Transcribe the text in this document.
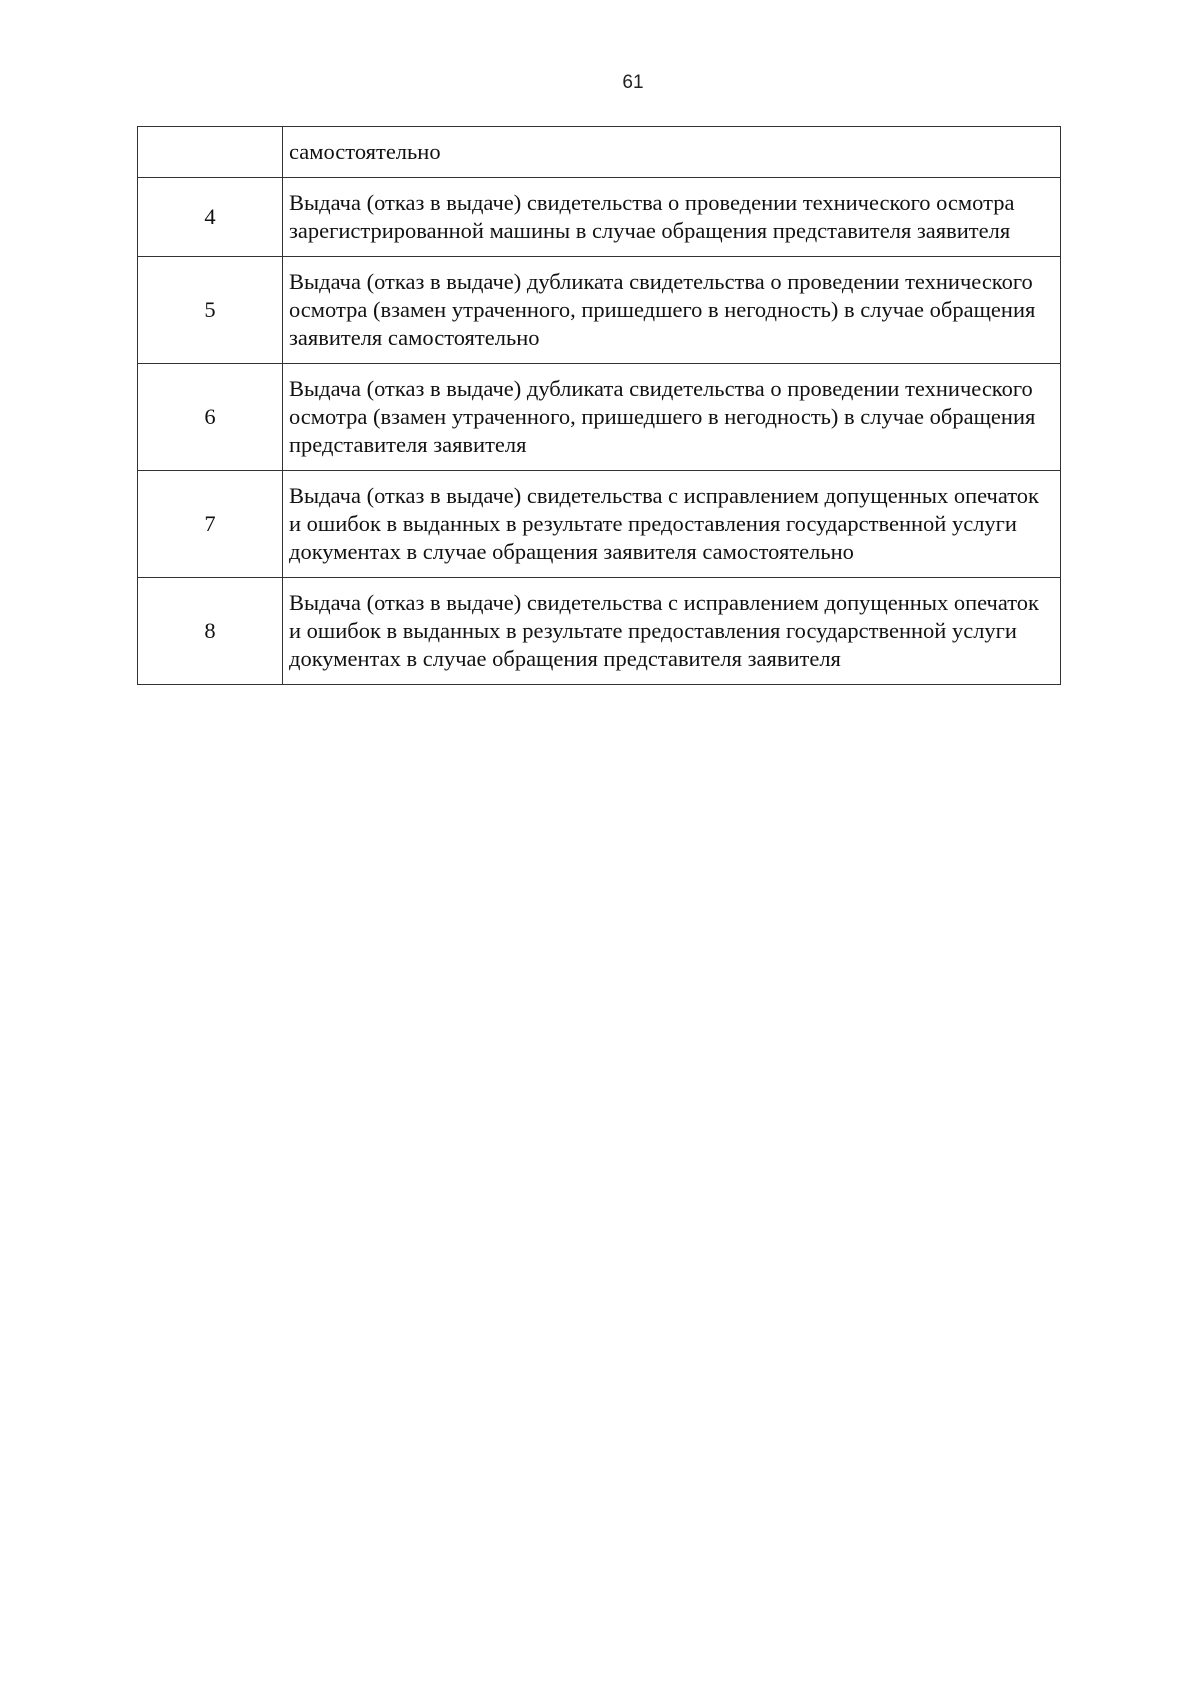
61
	самостоятельно
4	Выдача (отказ в выдаче) свидетельства о проведении технического осмотра зарегистрированной машины в случае обращения представителя заявителя
5	Выдача (отказ в выдаче) дубликата свидетельства о проведении технического осмотра (взамен утраченного, пришедшего в негодность) в случае обращения заявителя самостоятельно
6	Выдача (отказ в выдаче) дубликата свидетельства о проведении технического осмотра (взамен утраченного, пришедшего в негодность) в случае обращения представителя заявителя
7	Выдача (отказ в выдаче) свидетельства с исправлением допущенных опечаток и ошибок в выданных в результате предоставления государственной услуги документах в случае обращения заявителя самостоятельно
8	Выдача (отказ в выдаче) свидетельства с исправлением допущенных опечаток и ошибок в выданных в результате предоставления государственной услуги документах в случае обращения представителя заявителя
